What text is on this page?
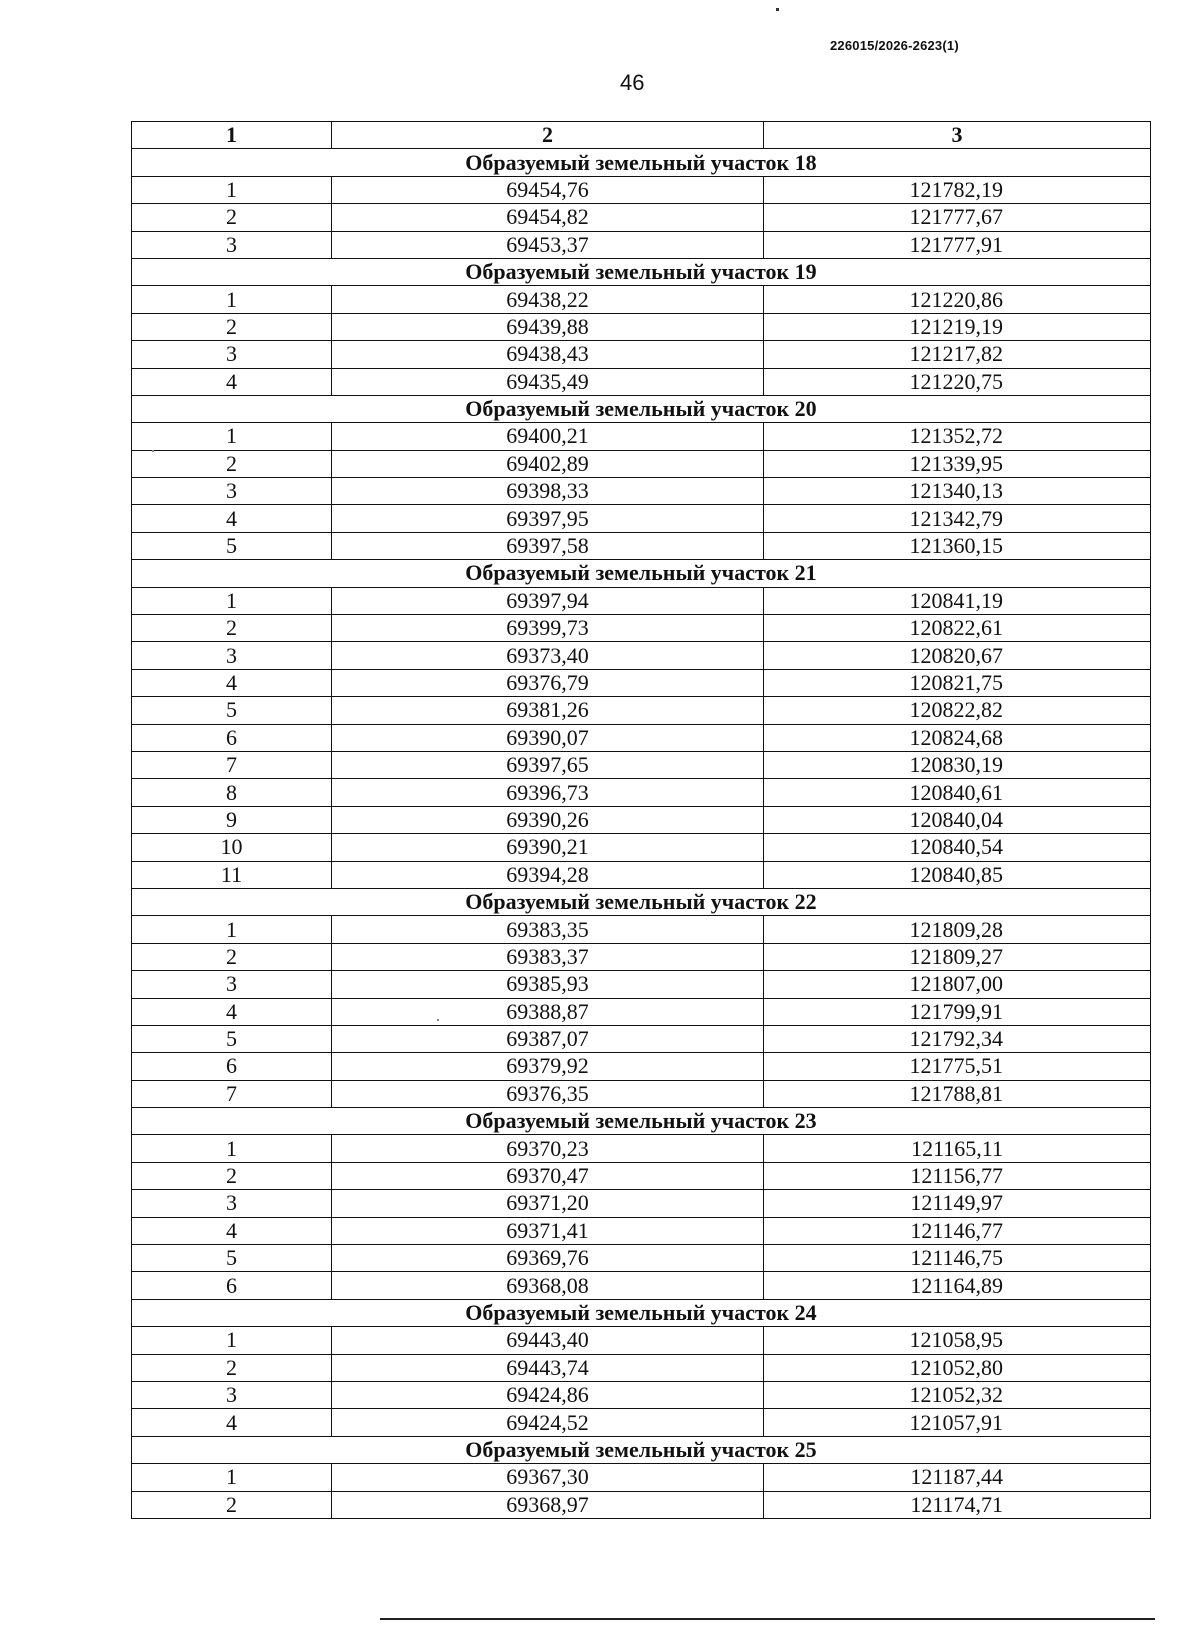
226015/2026-2623(1)
46
1	2	3
Образуемый земельный участок 18		
1	69454,76	121782,19
2	69454,82	121777,67
3	69453,37	121777,91
Образуемый земельный участок 19		
1	69438,22	121220,86
2	69439,88	121219,19
3	69438,43	121217,82
4	69435,49	121220,75
Образуемый земельный участок 20		
1	69400,21	121352,72
2	69402,89	121339,95
3	69398,33	121340,13
4	69397,95	121342,79
5	69397,58	121360,15
Образуемый земельный участок 21		
1	69397,94	120841,19
2	69399,73	120822,61
3	69373,40	120820,67
4	69376,79	120821,75
5	69381,26	120822,82
6	69390,07	120824,68
7	69397,65	120830,19
8	69396,73	120840,61
9	69390,26	120840,04
10	69390,21	120840,54
11	69394,28	120840,85
Образуемый земельный участок 22		
1	69383,35	121809,28
2	69383,37	121809,27
3	69385,93	121807,00
4	69388,87	121799,91
5	69387,07	121792,34
6	69379,92	121775,51
7	69376,35	121788,81
Образуемый земельный участок 23		
1	69370,23	121165,11
2	69370,47	121156,77
3	69371,20	121149,97
4	69371,41	121146,77
5	69369,76	121146,75
6	69368,08	121164,89
Образуемый земельный участок 24		
1	69443,40	121058,95
2	69443,74	121052,80
3	69424,86	121052,32
4	69424,52	121057,91
Образуемый земельный участок 25		
1	69367,30	121187,44
2	69368,97	121174,71
